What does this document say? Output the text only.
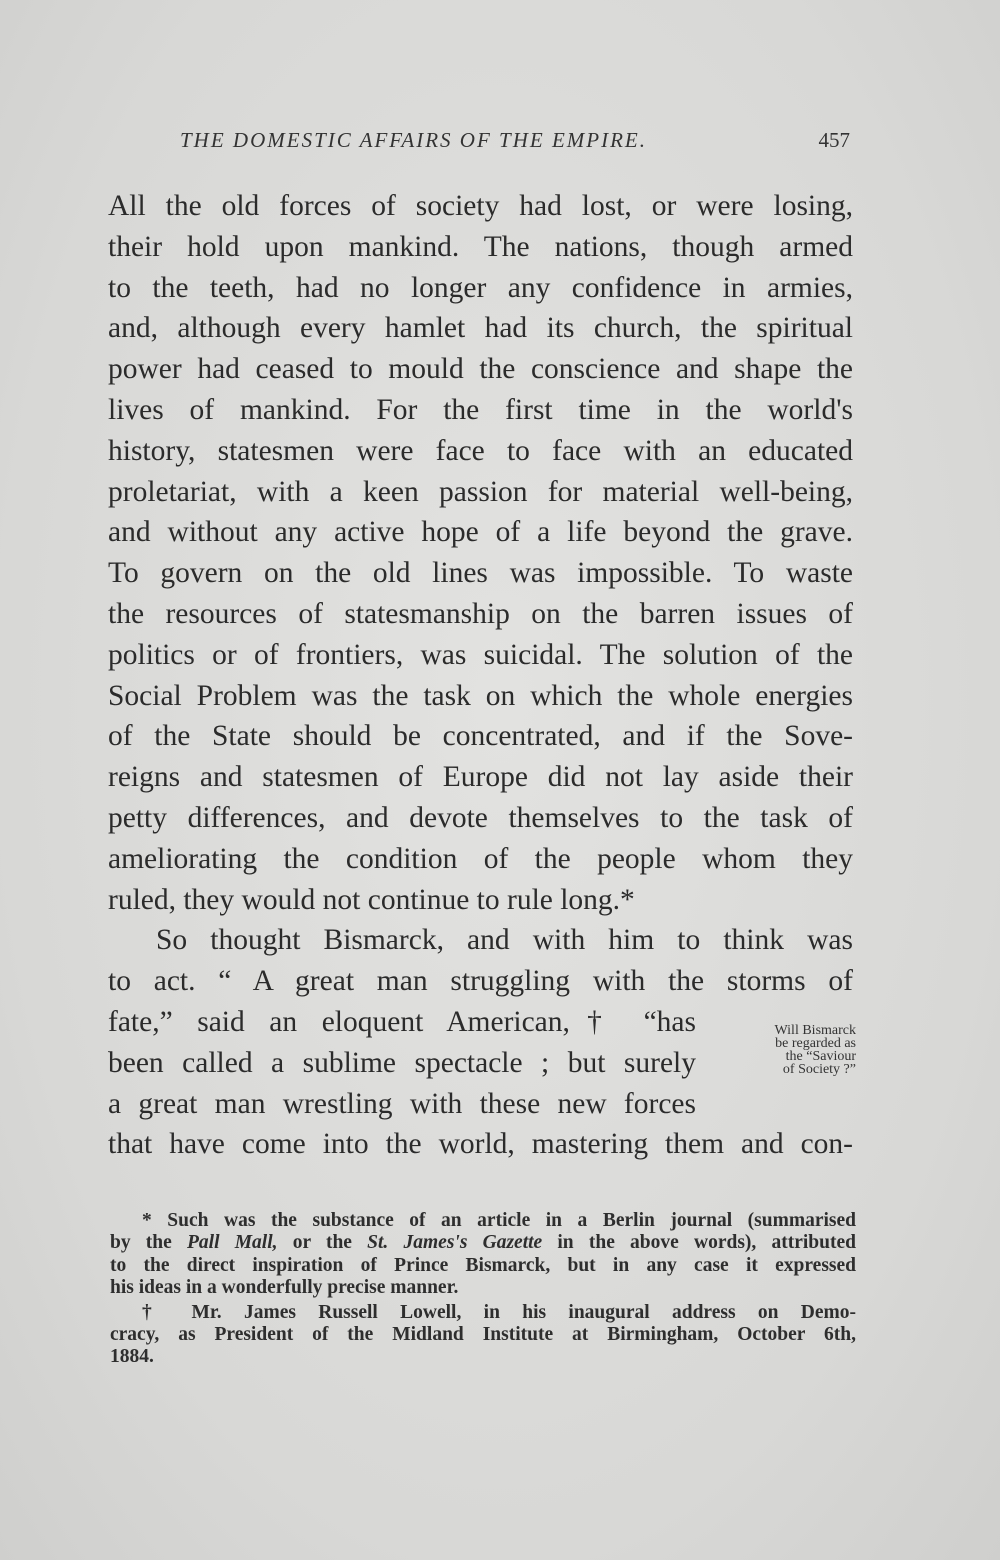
THE DOMESTIC AFFAIRS OF THE EMPIRE.	457
All the old forces of society had lost, or were losing,
their hold upon mankind. The nations, though armed
to the teeth, had no longer any confidence in armies,
and, although every hamlet had its church, the spiritual
power had ceased to mould the conscience and shape the
lives of mankind. For the first time in the world's
history, statesmen were face to face with an educated
proletariat, with a keen passion for material well-being,
and without any active hope of a life beyond the grave.
To govern on the old lines was impossible. To waste
the resources of statesmanship on the barren issues of
politics or of frontiers, was suicidal. The solution of the
Social Problem was the task on which the whole energies
of the State should be concentrated, and if the Sove-
reigns and statesmen of Europe did not lay aside their
petty differences, and devote themselves to the task of
ameliorating the condition of the people whom they
ruled, they would not continue to rule long.*
So thought Bismarck, and with him to think was
to act. “ A great man struggling with the storms of
fate,” said an eloquent American,† “has
been called a sublime spectacle ; but surely
a great man wrestling with these new forces
that have come into the world, mastering them and con-
Will Bismarck
be regarded as
the “Saviour
of Society ?”
* Such was the substance of an article in a Berlin journal (summarised
by the Pall Mall, or the St. James's Gazette in the above words), attributed
to the direct inspiration of Prince Bismarck, but in any case it expressed
his ideas in a wonderfully precise manner.
† Mr. James Russell Lowell, in his inaugural address on Demo-
cracy, as President of the Midland Institute at Birmingham, October 6th,
1884.
